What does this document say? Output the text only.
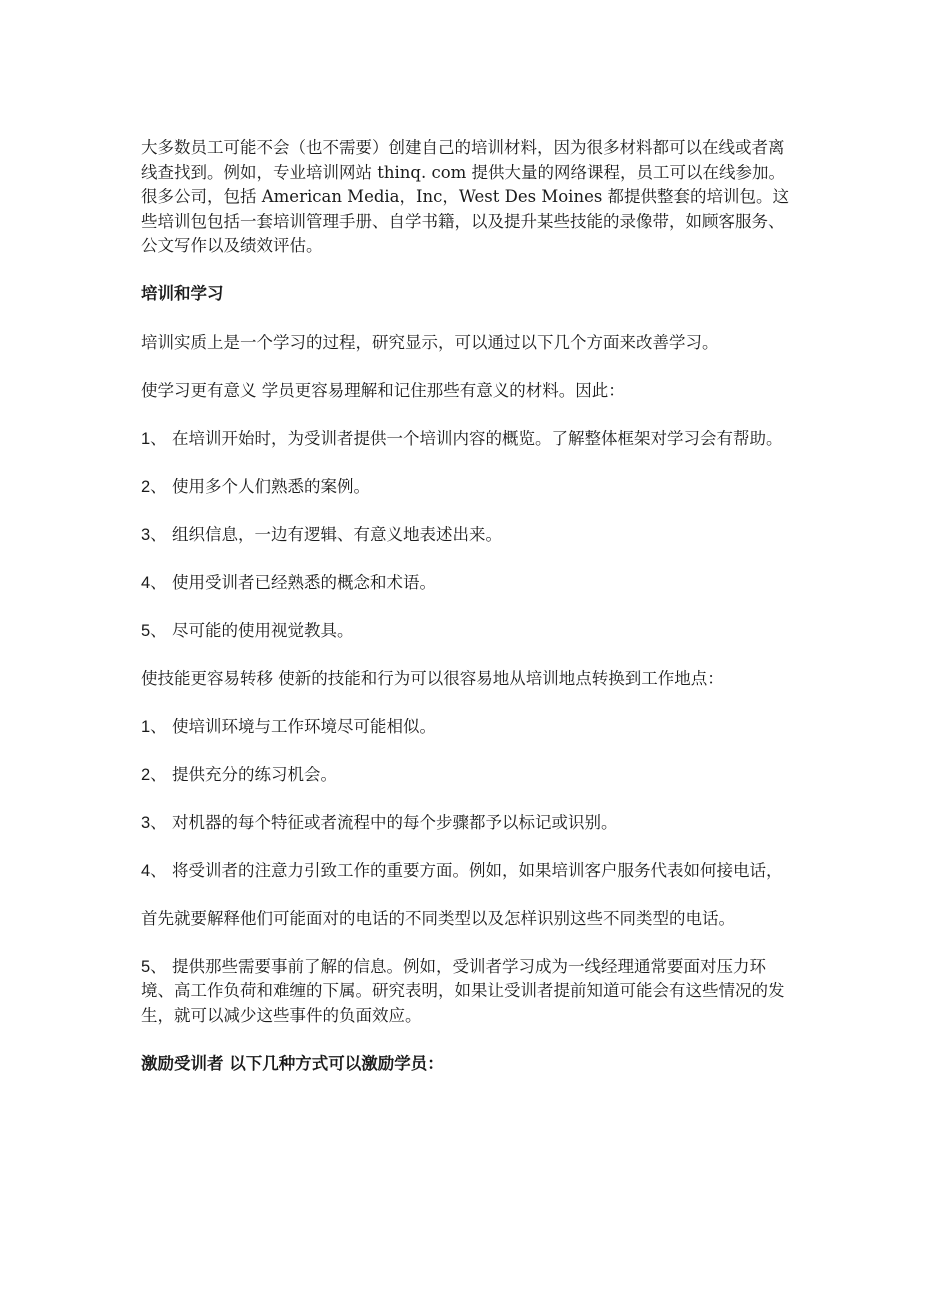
大多数员工可能不会（也不需要）创建自己的培训材料，因为很多材料都可以在线或者离线查找到。例如，专业培训网站 thinq. com 提供大量的网络课程，员工可以在线参加。很多公司，包括 American Media，Inc，West Des Moines 都提供整套的培训包。这些培训包包括一套培训管理手册、自学书籍，以及提升某些技能的录像带，如顾客服务、公文写作以及绩效评估。

培训和学习

培训实质上是一个学习的过程，研究显示，可以通过以下几个方面来改善学习。

使学习更有意义 学员更容易理解和记住那些有意义的材料。因此：

1、 在培训开始时，为受训者提供一个培训内容的概览。了解整体框架对学习会有帮助。
2、 使用多个人们熟悉的案例。
3、 组织信息，一边有逻辑、有意义地表述出来。
4、 使用受训者已经熟悉的概念和术语。
5、 尽可能的使用视觉教具。

使技能更容易转移 使新的技能和行为可以很容易地从培训地点转换到工作地点：

1、 使培训环境与工作环境尽可能相似。
2、 提供充分的练习机会。
3、 对机器的每个特征或者流程中的每个步骤都予以标记或识别。
4、 将受训者的注意力引致工作的重要方面。例如，如果培训客户服务代表如何接电话，

首先就要解释他们可能面对的电话的不同类型以及怎样识别这些不同类型的电话。

5、 提供那些需要事前了解的信息。例如，受训者学习成为一线经理通常要面对压力环境、高工作负荷和难缠的下属。研究表明，如果让受训者提前知道可能会有这些情况的发生，就可以减少这些事件的负面效应。
激励受训者 以下几种方式可以激励学员：
